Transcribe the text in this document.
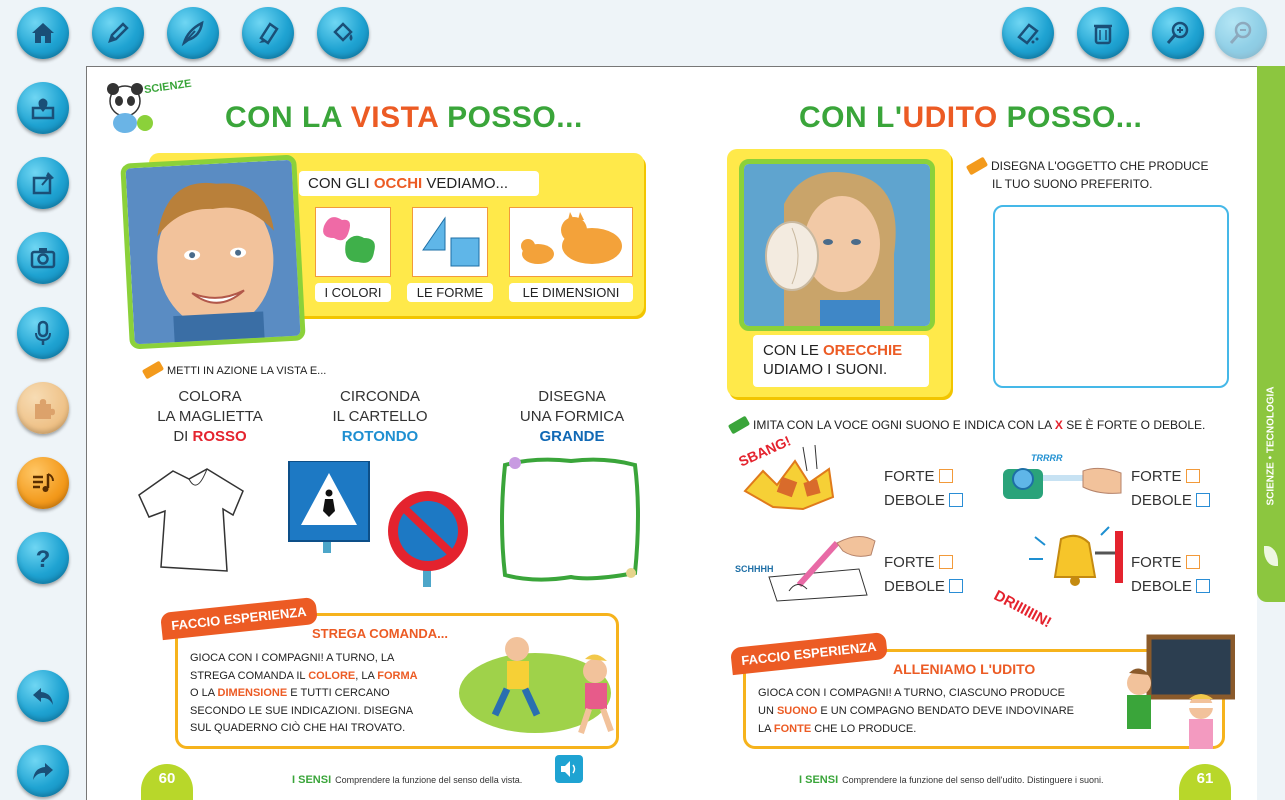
?
SCIENZE
CON LA VISTA POSSO...
CON GLI OCCHI VEDIAMO...
I COLORI	LE FORME	LE DIMENSIONI
METTI IN AZIONE LA VISTA E...
COLORA
LA MAGLIETTA
DI ROSSO
CIRCONDA
IL CARTELLO
ROTONDO
DISEGNA
UNA FORMICA
GRANDE
FACCIO ESPERIENZA
STREGA COMANDA...
GIOCA CON I COMPAGNI! A TURNO, LA
STREGA COMANDA IL COLORE, LA FORMA
O LA DIMENSIONE E TUTTI CERCANO
SECONDO LE SUE INDICAZIONI. DISEGNA
SUL QUADERNO CIÒ CHE HAI TROVATO.
60	I SENSI Comprendere la funzione del senso della vista.
CON L'UDITO POSSO...
CON LE ORECCHIE
UDIAMO I SUONI.
DISEGNA L'OGGETTO CHE PRODUCE
IL TUO SUONO PREFERITO.
IMITA CON LA VOCE OGNI SUONO E INDICA CON LA X SE È FORTE O DEBOLE.
SBANG!
FORTE
DEBOLE
TRRRR
FORTE
DEBOLE
SCHHHH	FORTE
DEBOLE
DRIIIIIIN!
FORTE
DEBOLE
FACCIO ESPERIENZA
ALLENIAMO L'UDITO
GIOCA CON I COMPAGNI! A TURNO, CIASCUNO PRODUCE
UN SUONO E UN COMPAGNO BENDATO DEVE INDOVINARE
LA FONTE CHE LO PRODUCE.
61
I SENSI Comprendere la funzione del senso dell'udito. Distinguere i suoni.
SCIENZE • TECNOLOGIA
